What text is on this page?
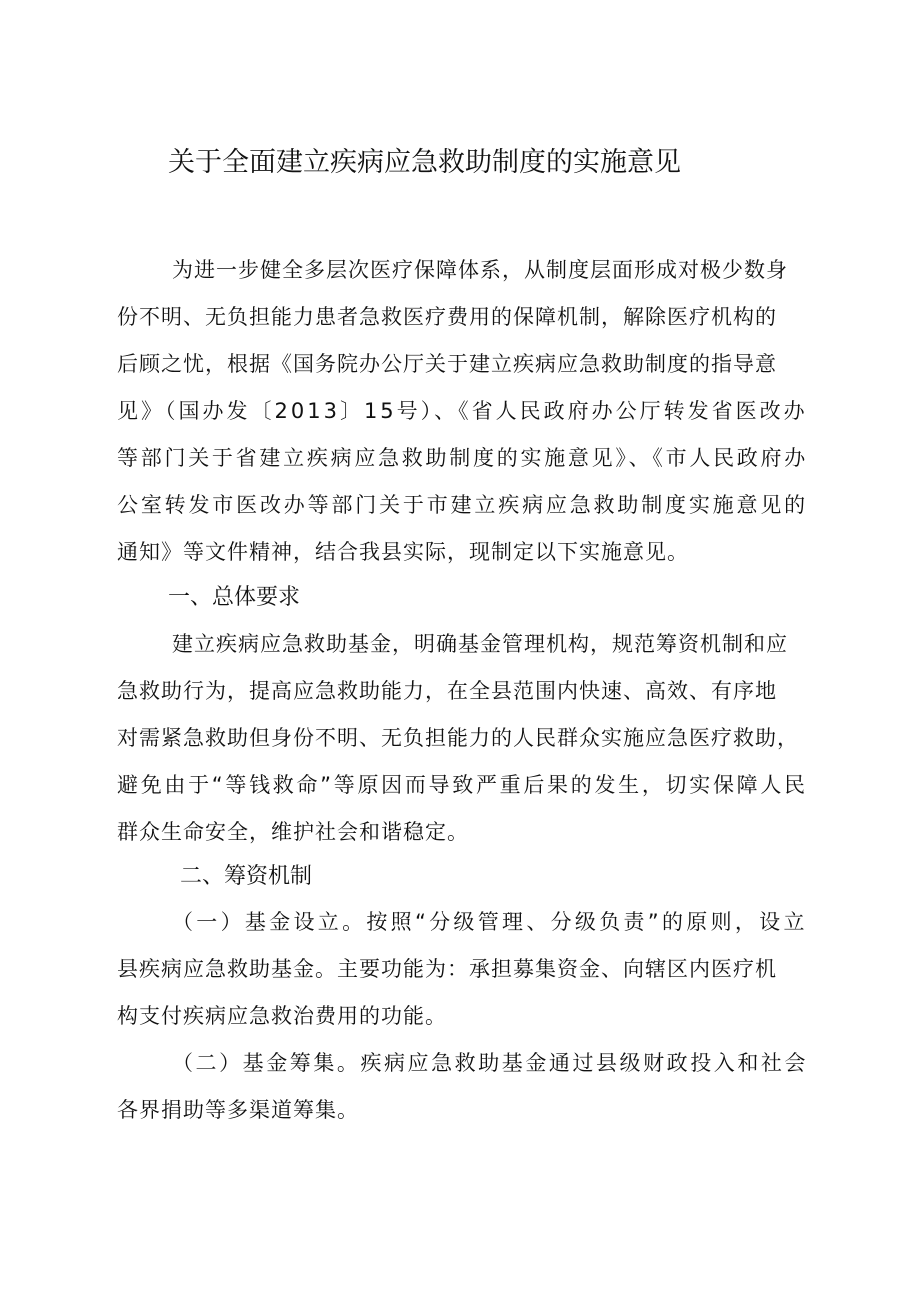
关于全面建立疾病应急救助制度的实施意见

为进一步健全多层次医疗保障体系，从制度层面形成对极少数身

份不明、无负担能力患者急救医疗费用的保障机制，解除医疗机构的

后顾之忧，根据《国务院办公厅关于建立疾病应急救助制度的指导意

见》（国办发〔2013〕15号）、《省人民政府办公厅转发省医改办

等部门关于省建立疾病应急救助制度的实施意见》、《市人民政府办

公室转发市医改办等部门关于市建立疾病应急救助制度实施意见的

通知》等文件精神，结合我县实际，现制定以下实施意见。

一、总体要求

建立疾病应急救助基金，明确基金管理机构，规范筹资机制和应

急救助行为，提高应急救助能力，在全县范围内快速、高效、有序地

对需紧急救助但身份不明、无负担能力的人民群众实施应急医疗救助，

避免由于“等钱救命”等原因而导致严重后果的发生，切实保障人民

群众生命安全，维护社会和谐稳定。

二、筹资机制

（一）基金设立。按照“分级管理、分级负责”的原则，设立

县疾病应急救助基金。主要功能为：承担募集资金、向辖区内医疗机

构支付疾病应急救治费用的功能。

（二）基金筹集。疾病应急救助基金通过县级财政投入和社会

各界捐助等多渠道筹集。
